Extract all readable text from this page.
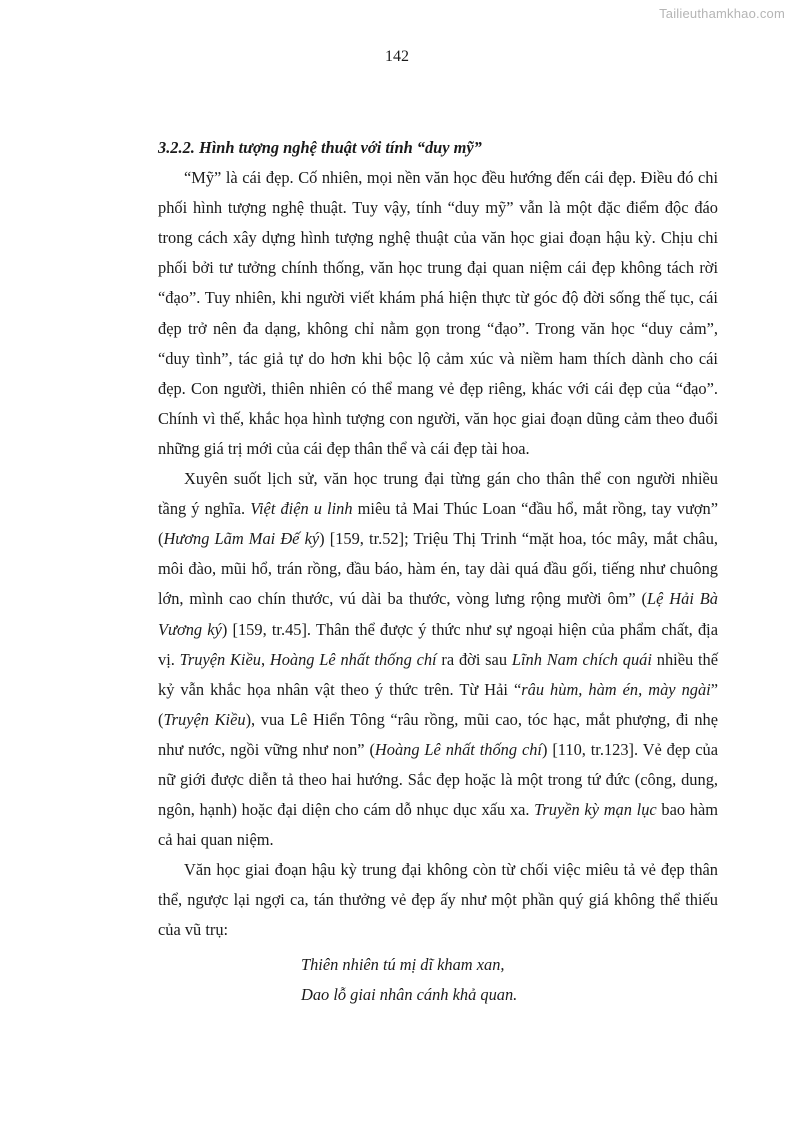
Tailieuthamkhao.com
142

3.2.2. Hình tượng nghệ thuật với tính “duy mỹ”

“Mỹ” là cái đẹp. Cố nhiên, mọi nền văn học đều hướng đến cái đẹp. Điều đó chi phối hình tượng nghệ thuật. Tuy vậy, tính “duy mỹ” vẫn là một đặc điểm độc đáo trong cách xây dựng hình tượng nghệ thuật của văn học giai đoạn hậu kỳ. Chịu chi phối bởi tư tưởng chính thống, văn học trung đại quan niệm cái đẹp không tách rời “đạo”. Tuy nhiên, khi người viết khám phá hiện thực từ góc độ đời sống thế tục, cái đẹp trở nên đa dạng, không chỉ nằm gọn trong “đạo”. Trong văn học “duy cảm”, “duy tình”, tác giả tự do hơn khi bộc lộ cảm xúc và niềm ham thích dành cho cái đẹp. Con người, thiên nhiên có thể mang vẻ đẹp riêng, khác với cái đẹp của “đạo”. Chính vì thế, khắc họa hình tượng con người, văn học giai đoạn dũng cảm theo đuổi những giá trị mới của cái đẹp thân thể và cái đẹp tài hoa.

Xuyên suốt lịch sử, văn học trung đại từng gán cho thân thể con người nhiều tầng ý nghĩa. Việt điện u linh miêu tả Mai Thúc Loan “đầu hổ, mắt rồng, tay vượn” (Hương Lãm Mai Đế ký) [159, tr.52]; Triệu Thị Trinh “mặt hoa, tóc mây, mắt châu, môi đào, mũi hổ, trán rồng, đầu báo, hàm én, tay dài quá đầu gối, tiếng như chuông lớn, mình cao chín thước, vú dài ba thước, vòng lưng rộng mười ôm” (Lệ Hải Bà Vương ký) [159, tr.45]. Thân thể được ý thức như sự ngoại hiện của phẩm chất, địa vị. Truyện Kiều, Hoàng Lê nhất thống chí ra đời sau Lĩnh Nam chích quái nhiều thế kỷ vẫn khắc họa nhân vật theo ý thức trên. Từ Hải “râu hùm, hàm én, mày ngài” (Truyện Kiều), vua Lê Hiển Tông “râu rồng, mũi cao, tóc hạc, mắt phượng, đi nhẹ như nước, ngồi vững như non” (Hoàng Lê nhất thống chí) [110, tr.123]. Vẻ đẹp của nữ giới được diễn tả theo hai hướng. Sắc đẹp hoặc là một trong tứ đức (công, dung, ngôn, hạnh) hoặc đại diện cho cám dỗ nhục dục xấu xa. Truyền kỳ mạn lục bao hàm cả hai quan niệm.

Văn học giai đoạn hậu kỳ trung đại không còn từ chối việc miêu tả vẻ đẹp thân thể, ngược lại ngợi ca, tán thưởng vẻ đẹp ấy như một phần quý giá không thể thiếu của vũ trụ:

Thiên nhiên tú mị dĩ kham xan,
Dao lỗ giai nhân cánh khả quan.
